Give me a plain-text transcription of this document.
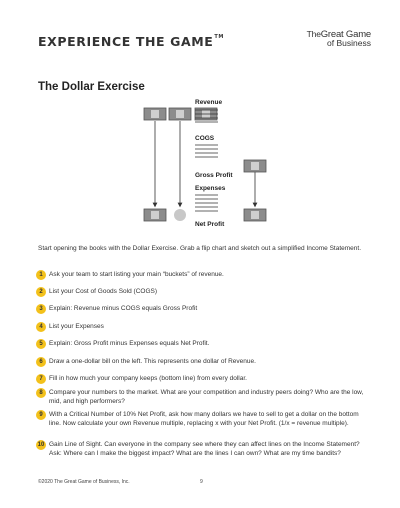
EXPERIENCE THE GAME™	TheGreat Game
of Business
The Dollar Exercise
Revenue
COGS
Gross Profit
Expenses
Net Profit
Start opening the books with the Dollar Exercise. Grab a flip chart and sketch out a simplified Income Statement.
1 Ask your team to start listing your main “buckets” of revenue.
2 List your Cost of Goods Sold (COGS)
3 Explain: Revenue minus COGS equals Gross Profit
4 List your Expenses
5 Explain: Gross Profit minus Expenses equals Net Profit.
6 Draw a one-dollar bill on the left. This represents one dollar of Revenue.
7 Fill in how much your company keeps (bottom line) from every dollar.
8 Compare your numbers to the market. What are your competition and industry peers doing? Who are the low, mid, and high performers?
9 With a Critical Number of 10% Net Profit, ask how many dollars we have to sell to get a dollar on the bottom line. Now calculate your own Revenue multiple, replacing x with your Net Profit. (1/x = revenue multiple).
10 Gain Line of Sight. Can everyone in the company see where they can affect lines on the Income Statement? Ask: Where can I make the biggest impact? What are the lines I can own? What are my time bandits?
©2020 The Great Game of Business, Inc.	9
